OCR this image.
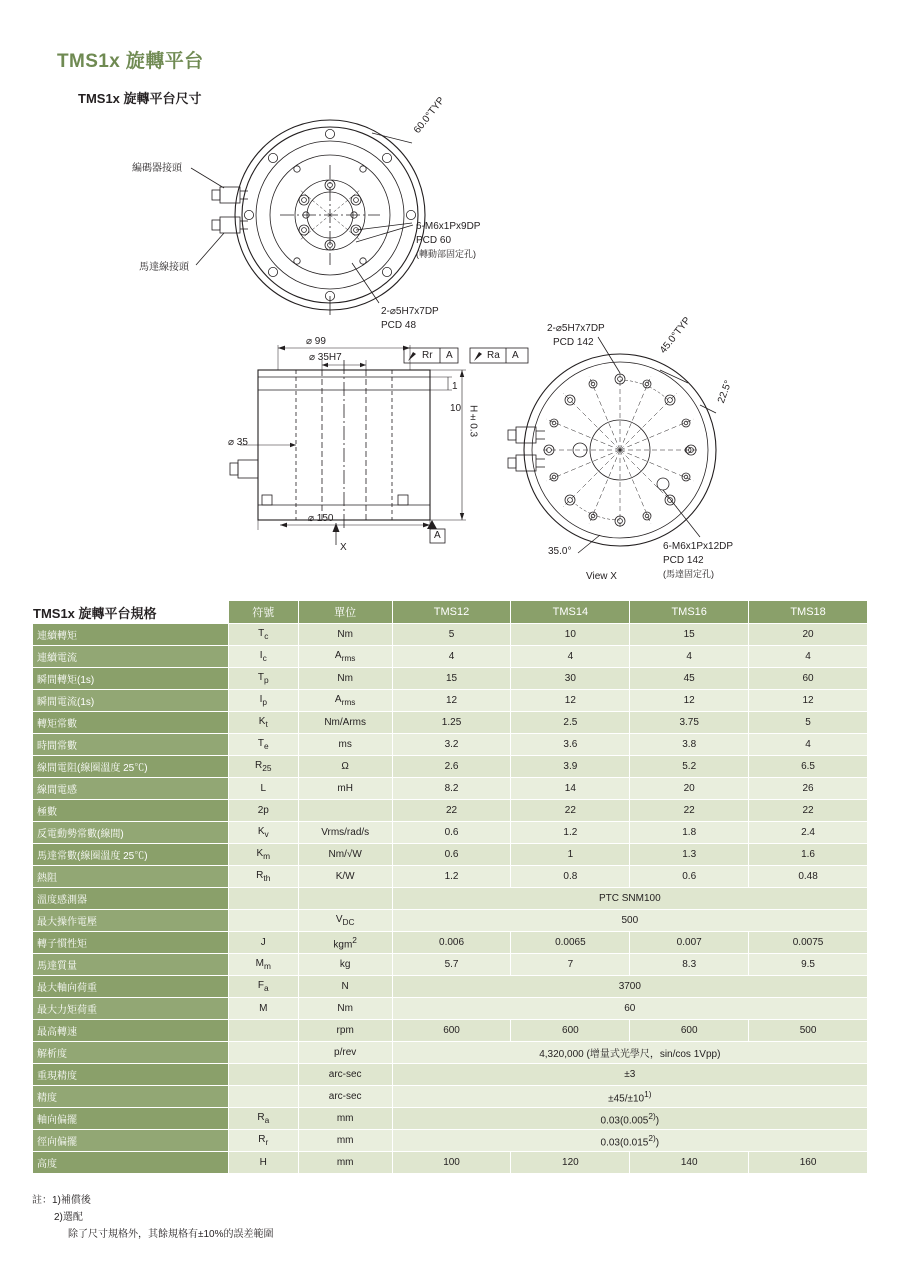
TMS1x 旋轉平台
TMS1x 旋轉平台尺寸
編碼器接頭
馬達線接頭
60.0°TYP
6-M6x1Px9DP
PCD 60
(轉動部固定孔)
2-⌀5H7x7DP
PCD 48
⌀ 99
⌀ 35H7	Rr A	Ra A
1
10 H±0.3
⌀ 35
⌀ 150
A
X
2-⌀5H7x7DP
PCD 142	45.0°TYP
22.5°
35.0°	6-M6x1Px12DP
PCD 142
(馬達固定孔)
View X
TMS1x 旋轉平台規格	符號	單位	TMS12	TMS14	TMS16	TMS18
連續轉矩	$T_c$	Nm	5	10	15	20
連續電流	$I_c$	$A_{rms}$	4	4	4	4
瞬間轉矩(1s)	$T_p$	Nm	15	30	45	60
瞬間電流(1s)	$I_p$	$A_{rms}$	12	12	12	12
轉矩常數	$K_t$	Nm/Arms	1.25	2.5	3.75	5
時間常數	$T_e$	ms	3.2	3.6	3.8	4
線間電阻(線圈溫度 25℃)	$R_{25}$	Ω	2.6	3.9	5.2	6.5
線間電感	L	mH	8.2	14	20	26
極數	2p		22	22	22	22
反電動勢常數(線間)	$K_v$	Vrms/rad/s	0.6	1.2	1.8	2.4
馬達常數(線圈溫度 25℃)	$K_m$	Nm/√W	0.6	1	1.3	1.6
熱阻	$R_{th}$	K/W	1.2	0.8	0.6	0.48
溫度感測器			PTC SNM100			
最大操作電壓		$V_{DC}$	500			
轉子慣性矩	J	kgm$^2$	0.006	0.0065	0.007	0.0075
馬達質量	$M_m$	kg	5.7	7	8.3	9.5
最大軸向荷重	$F_a$	N	3700			
最大力矩荷重	M	Nm	60			
最高轉速		rpm	600	600	600	500
解析度		p/rev	4,320,000 (增量式光學尺，sin/cos 1Vpp)			
重現精度		arc-sec	±3			
精度		arc-sec	$\pm 45/\pm 10^{1)}$
軸向偏擺	$R_a$	mm	0.03(0.005$^{2)}$)			
徑向偏擺	$R_r$	mm	0.03(0.015$^{2)}$)			
高度	H	mm	100	120	140	160
註：1)補償後
2)選配
除了尺寸規格外，其餘規格有±10%的誤差範圍
